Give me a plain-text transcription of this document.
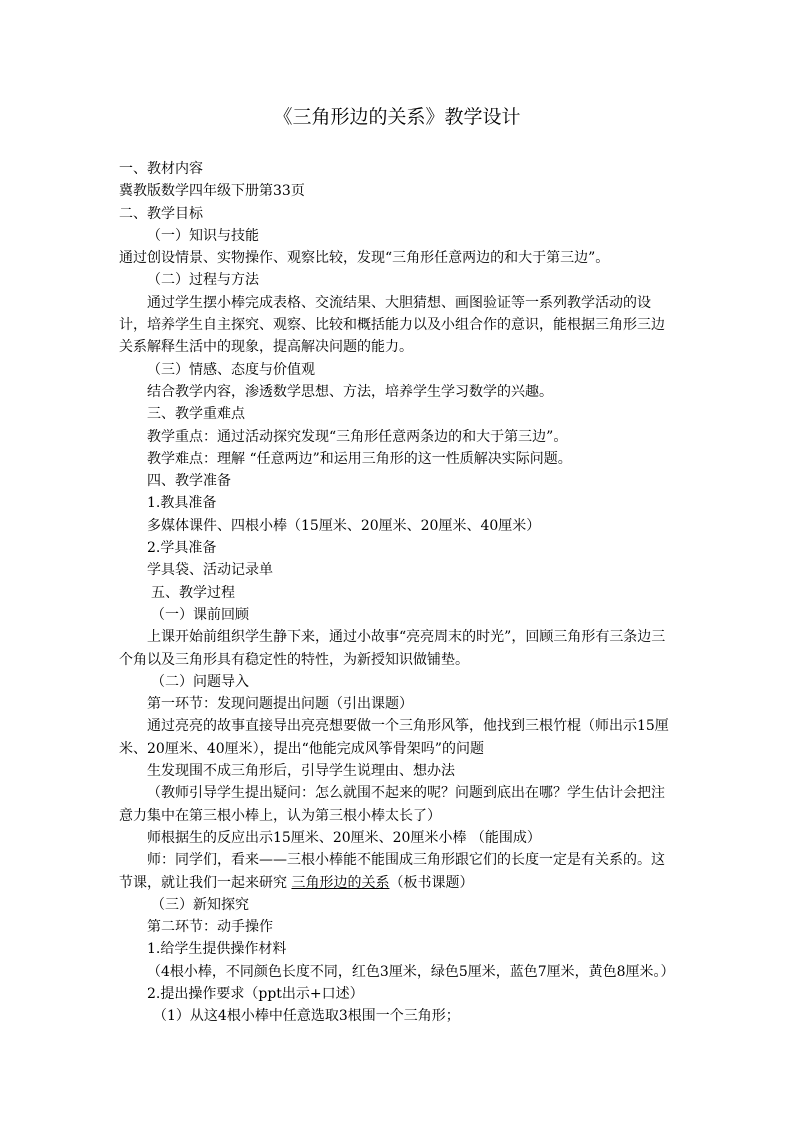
《三角形边的关系》教学设计

一、教材内容

冀教版数学四年级下册第33页

二、教学目标

（一）知识与技能

通过创设情景、实物操作、观察比较，发现“三角形任意两边的和大于第三边”。

（二）过程与方法

通过学生摆小棒完成表格、交流结果、大胆猜想、画图验证等一系列教学活动的设计，培养学生自主探究、观察、比较和概括能力以及小组合作的意识，能根据三角形三边关系解释生活中的现象，提高解决问题的能力。

（三）情感、态度与价值观

结合教学内容，渗透数学思想、方法，培养学生学习数学的兴趣。

三、教学重难点

教学重点：通过活动探究发现“三角形任意两条边的和大于第三边”。

教学难点：理解 “任意两边”和运用三角形的这一性质解决实际问题。

四、教学准备

1.教具准备

多媒体课件、四根小棒（15厘米、20厘米、20厘米、40厘米）

2.学具准备

学具袋、活动记录单

五、教学过程

（一）课前回顾

上课开始前组织学生静下来，通过小故事“亮亮周末的时光”，回顾三角形有三条边三个角以及三角形具有稳定性的特性，为新授知识做铺垫。

（二）问题导入

第一环节：发现问题提出问题（引出课题）

通过亮亮的故事直接导出亮亮想要做一个三角形风筝，他找到三根竹棍（师出示15厘米、20厘米、40厘米），提出“他能完成风筝骨架吗”的问题

生发现围不成三角形后，引导学生说理由、想办法

（教师引导学生提出疑问：怎么就围不起来的呢？问题到底出在哪？学生估计会把注意力集中在第三根小棒上，认为第三根小棒太长了）

师根据生的反应出示15厘米、20厘米、20厘米小棒 （能围成）

师：同学们，看来——三根小棒能不能围成三角形跟它们的长度一定是有关系的。这节课，就让我们一起来研究 三角形边的关系（板书课题）

（三）新知探究

第二环节：动手操作

1.给学生提供操作材料

（4根小棒，不同颜色长度不同，红色3厘米，绿色5厘米，蓝色7厘米，黄色8厘米。）

2.提出操作要求（ppt出示+口述）

（1）从这4根小棒中任意选取3根围一个三角形；
